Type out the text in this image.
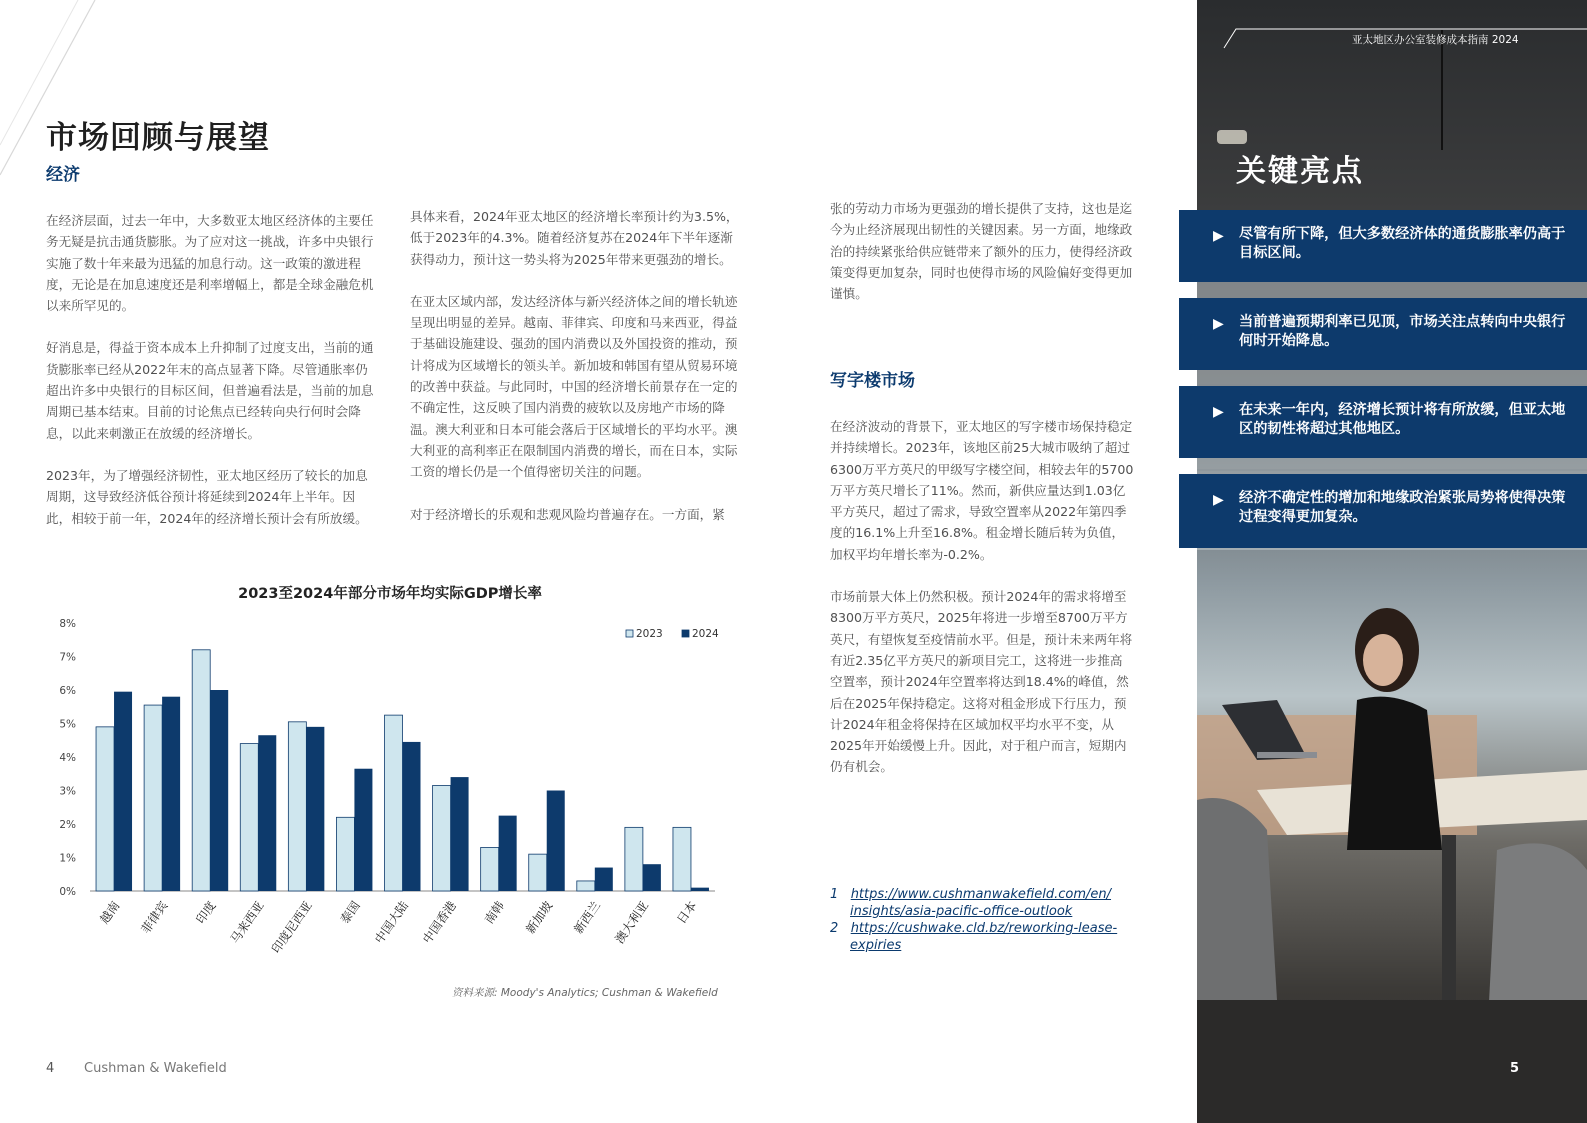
市场回顾与展望
经济

在经济层面，过去一年中，大多数亚太地区经济体的主要任务无疑是抗击通货膨胀。为了应对这一挑战，许多中央银行实施了数十年来最为迅猛的加息行动。这一政策的激进程度，无论是在加息速度还是利率增幅上，都是全球金融危机以来所罕见的。

好消息是，得益于资本成本上升抑制了过度支出，当前的通货膨胀率已经从2022年末的高点显著下降。尽管通胀率仍超出许多中央银行的目标区间，但普遍看法是，当前的加息周期已基本结束。目前的讨论焦点已经转向央行何时会降息，以此来刺激正在放缓的经济增长。

2023年，为了增强经济韧性，亚太地区经历了较长的加息周期，这导致经济低谷预计将延续到2024年上半年。因此，相较于前一年，2024年的经济增长预计会有所放缓。

具体来看，2024年亚太地区的经济增长率预计约为3.5%，低于2023年的4.3%。随着经济复苏在2024年下半年逐渐获得动力，预计这一势头将为2025年带来更强劲的增长。

在亚太区域内部，发达经济体与新兴经济体之间的增长轨迹呈现出明显的差异。越南、菲律宾、印度和马来西亚，得益于基础设施建设、强劲的国内消费以及外国投资的推动，预计将成为区域增长的领头羊。新加坡和韩国有望从贸易环境的改善中获益。与此同时，中国的经济增长前景存在一定的不确定性，这反映了国内消费的疲软以及房地产市场的降温。澳大利亚和日本可能会落后于区域增长的平均水平。澳大利亚的高利率正在限制国内消费的增长，而在日本，实际工资的增长仍是一个值得密切关注的问题。

对于经济增长的乐观和悲观风险均普遍存在。一方面，紧

张的劳动力市场为更强劲的增长提供了支持，这也是迄今为止经济展现出韧性的关键因素。另一方面，地缘政治的持续紧张给供应链带来了额外的压力，使得经济政策变得更加复杂，同时也使得市场的风险偏好变得更加谨慎。

写字楼市场

在经济波动的背景下，亚太地区的写字楼市场保持稳定并持续增长。2023年，该地区前25大城市吸纳了超过6300万平方英尺的甲级写字楼空间，相较去年的5700万平方英尺增长了11%。然而，新供应量达到1.03亿平方英尺，超过了需求，导致空置率从2022年第四季度的16.1%上升至16.8%。租金增长随后转为负值，加权平均年增长率为-0.2%。

市场前景大体上仍然积极。预计2024年的需求将增至8300万平方英尺，2025年将进一步增至8700万平方英尺，有望恢复至疫情前水平。但是，预计未来两年将有近2.35亿平方英尺的新项目完工，这将进一步推高空置率，预计2024年空置率将达到18.4%的峰值，然后在2025年保持稳定。这将对租金形成下行压力，预计2024年租金将保持在区域加权平均水平不变，从2025年开始缓慢上升。因此，对于租户而言，短期内仍有机会。

1 https://www.cushmanwakefield.com/en/
insights/asia-pacific-office-outlook
2 https://cushwake.cld.bz/reworking-lease-
expiries
2023至2024年部分市场年均实际GDP增长率
0%
1%
2%
3%
4%
5%
6%
7%
8%
越南 菲律宾 印度 马来西亚 印度尼西亚 泰国 中国大陆 中国香港 南韩 新加坡 新西兰 澳大利亚 日本
2023	2024
资料来源: Moody's Analytics; Cushman & Wakefield
4 Cushman & Wakefield
亚太地区办公室装修成本指南 2024
关键亮点
▶ 尽管有所下降，但大多数经济体的通货膨胀率仍高于目标区间。
▶ 当前普遍预期利率已见顶，市场关注点转向中央银行何时开始降息。
▶ 在未来一年内，经济增长预计将有所放缓，但亚太地区的韧性将超过其他地区。
▶ 经济不确定性的增加和地缘政治紧张局势将使得决策过程变得更加复杂。
5
